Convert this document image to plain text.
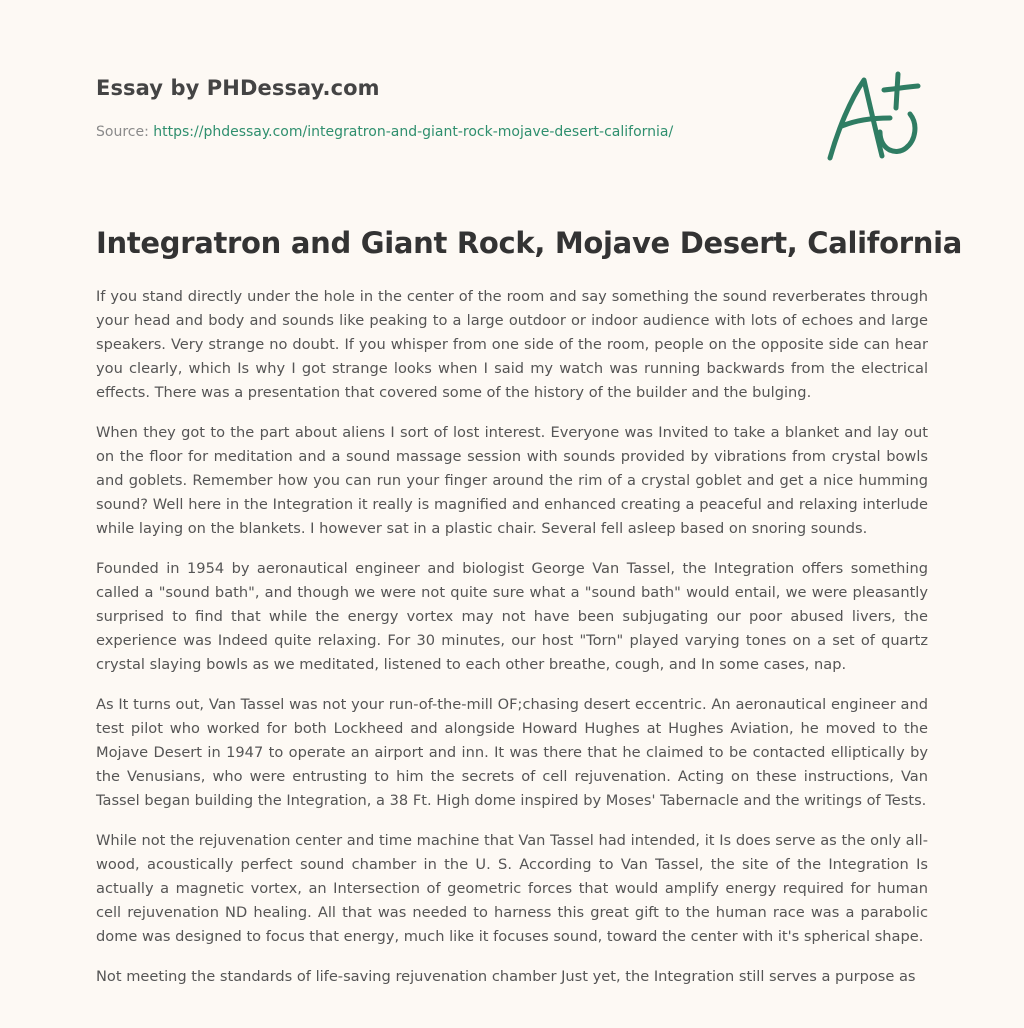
Essay by PHDessay.com
Source: https://phdessay.com/integratron-and-giant-rock-mojave-desert-california/
Integratron and Giant Rock, Mojave Desert, California

If you stand directly under the hole in the center of the room and say something the sound reverberates through your head and body and sounds like peaking to a large outdoor or indoor audience with lots of echoes and large speakers. Very strange no doubt. If you whisper from one side of the room, people on the opposite side can hear you clearly, which Is why I got strange looks when I said my watch was running backwards from the electrical effects. There was a presentation that covered some of the history of the builder and the bulging.

When they got to the part about aliens I sort of lost interest. Everyone was Invited to take a blanket and lay out on the floor for meditation and a sound massage session with sounds provided by vibrations from crystal bowls and goblets. Remember how you can run your finger around the rim of a crystal goblet and get a nice humming sound? Well here in the Integration it really is magnified and enhanced creating a peaceful and relaxing interlude while laying on the blankets. I however sat in a plastic chair. Several fell asleep based on snoring sounds.

Founded in 1954 by aeronautical engineer and biologist George Van Tassel, the Integration offers something called a "sound bath", and though we were not quite sure what a "sound bath" would entail, we were pleasantly surprised to find that while the energy vortex may not have been subjugating our poor abused livers, the experience was Indeed quite relaxing. For 30 minutes, our host "Torn" played varying tones on a set of quartz crystal slaying bowls as we meditated, listened to each other breathe, cough, and In some cases, nap.

As It turns out, Van Tassel was not your run-of-the-mill OF;chasing desert eccentric. An aeronautical engineer and test pilot who worked for both Lockheed and alongside Howard Hughes at Hughes Aviation, he moved to the Mojave Desert in 1947 to operate an airport and inn. It was there that he claimed to be contacted elliptically by the Venusians, who were entrusting to him the secrets of cell rejuvenation. Acting on these instructions, Van Tassel began building the Integration, a 38 Ft. High dome inspired by Moses' Tabernacle and the writings of Tests.

While not the rejuvenation center and time machine that Van Tassel had intended, it Is does serve as the only all-wood, acoustically perfect sound chamber in the U. S. According to Van Tassel, the site of the Integration Is actually a magnetic vortex, an Intersection of geometric forces that would amplify energy required for human cell rejuvenation ND healing. All that was needed to harness this great gift to the human race was a parabolic dome was designed to focus that energy, much like it focuses sound, toward the center with it's spherical shape.

Not meeting the standards of life-saving rejuvenation chamber Just yet, the Integration still serves a purpose as
